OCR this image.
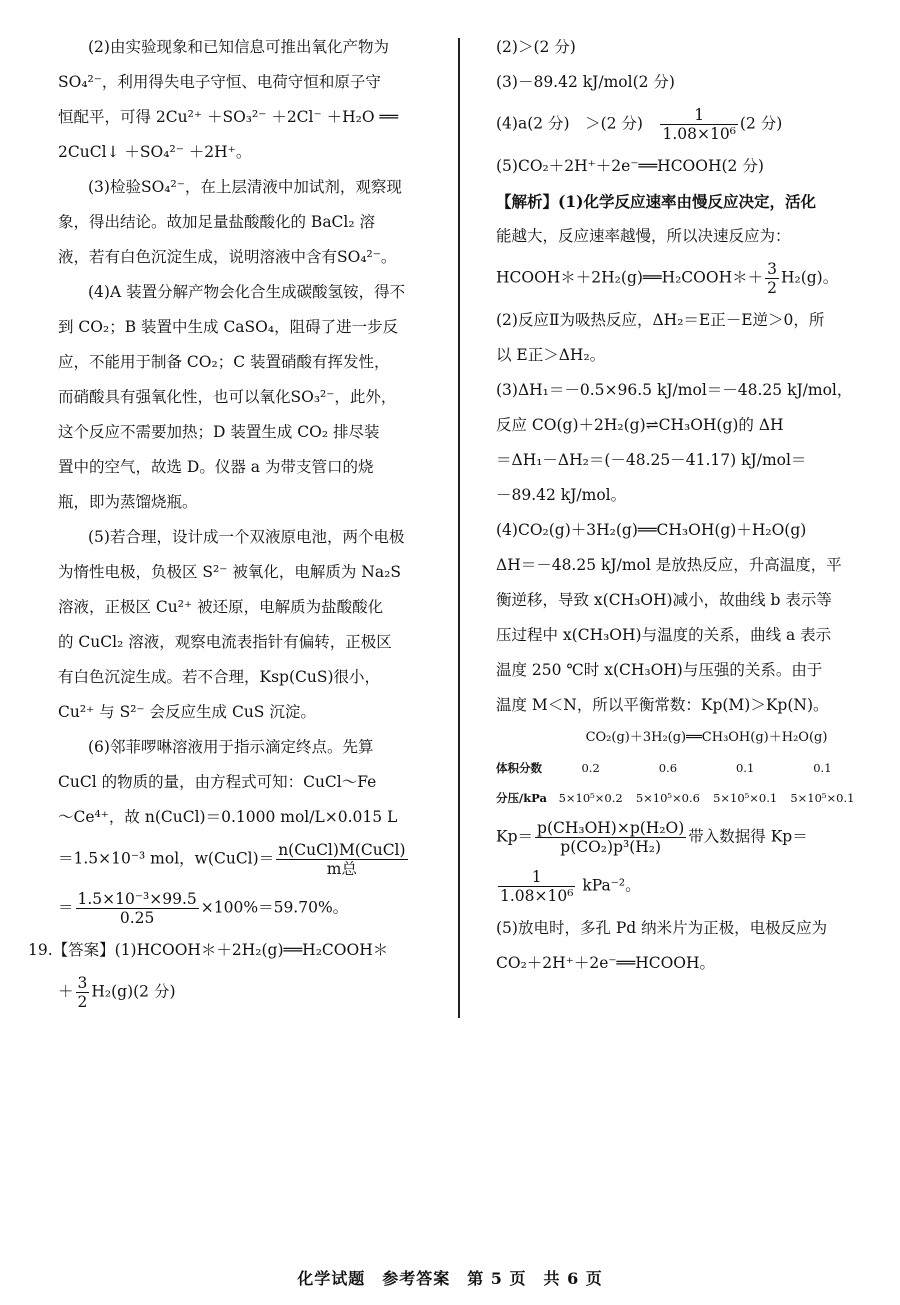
(2)由实验现象和已知信息可推出氧化产物为
SO₄²⁻，利用得失电子守恒、电荷守恒和原子守
恒配平，可得 2Cu²⁺ ＋SO₃²⁻ ＋2Cl⁻ ＋H₂O ══
2CuCl↓ ＋SO₄²⁻ ＋2H⁺。
(3)检验SO₄²⁻，在上层清液中加试剂，观察现
象，得出结论。故加足量盐酸酸化的 BaCl₂ 溶
液，若有白色沉淀生成，说明溶液中含有SO₄²⁻。
(4)A 装置分解产物会化合生成碳酸氢铵，得不
到 CO₂；B 装置中生成 CaSO₄，阻碍了进一步反
应，不能用于制备 CO₂；C 装置硝酸有挥发性，
而硝酸具有强氧化性，也可以氧化SO₃²⁻，此外，
这个反应不需要加热；D 装置生成 CO₂ 排尽装
置中的空气，故选 D。仪器 a 为带支管口的烧
瓶，即为蒸馏烧瓶。
(5)若合理，设计成一个双液原电池，两个电极
为惰性电极，负极区 S²⁻ 被氧化，电解质为 Na₂S
溶液，正极区 Cu²⁺ 被还原，电解质为盐酸酸化
的 CuCl₂ 溶液，观察电流表指针有偏转，正极区
有白色沉淀生成。若不合理，Ksp(CuS)很小，
Cu²⁺ 与 S²⁻ 会反应生成 CuS 沉淀。
(6)邻菲啰啉溶液用于指示滴定终点。先算
CuCl 的物质的量，由方程式可知：CuCl～Fe
～Ce⁴⁺，故 n(CuCl)＝0.1000 mol/L×0.015 L
＝1.5×10⁻³ mol，w(CuCl)＝ $\frac{\text{n(CuCl)M(CuCl)}}{\text{m总}}$
＝ $\frac{\text{1.5×10⁻³×99.5}}{0.25} \times 100\%=59.70\%$。
19.【答案】(1)HCOOH＊＋2H₂(g)══H₂COOH＊
＋ $\frac{3}{2} H_2(g)(2$ 分)
(2)＞(2 分)
(3)－89.42 kJ/mol(2 分)
(4)a(2 分)　＞(2 分)　 $\frac{1}{\text{1.08×10⁶}} (2$ 分)
(5)CO₂＋2H⁺＋2e⁻══HCOOH(2 分)
【解析】(1)化学反应速率由慢反应决定，活化
能越大，反应速率越慢，所以决速反应为：
HCOOH＊＋2H₂(g)══H₂COOH＊＋ $\frac{3}{2} H_2(g)$。
(2)反应Ⅱ为吸热反应，ΔH₂＝E正－E逆＞0，所
以 E正＞ΔH₂。
(3)ΔH₁＝－0.5×96.5 kJ/mol＝－48.25 kJ/mol，
反应 CO(g)＋2H₂(g)⇌CH₃OH(g)的 ΔH
＝ΔH₁－ΔH₂＝(－48.25－41.17) kJ/mol＝
－89.42 kJ/mol。
(4)CO₂(g)＋3H₂(g)══CH₃OH(g)＋H₂O(g)
ΔH＝－48.25 kJ/mol 是放热反应，升高温度，平
衡逆移，导致 x(CH₃OH)减小，故曲线 b 表示等
压过程中 x(CH₃OH)与温度的关系，曲线 a 表示
温度 250 ℃时 x(CH₃OH)与压强的关系。由于
温度 M＜N，所以平衡常数：Kp(M)＞Kp(N)。
CO₂(g)＋3H₂(g)══CH₃OH(g)＋H₂O(g)
体积分数	0.2	0.6	0.1	0.1
分压/kPa	5×10⁵×0.2	5×10⁵×0.6	5×10⁵×0.1	5×10⁵×0.1
$Kp= \frac{\text{p(CH₃OH)×p(H₂O)}}{\text{p(CO₂)p³(H₂)}}$ 带入数据得 Kp＝
$\frac{1}{\text{1.08×10⁶}} kPa^{-2}$。
(5)放电时，多孔 Pd 纳米片为正极，电极反应为
CO₂＋2H⁺＋2e⁻══HCOOH。
化学试题　参考答案　第 5 页　共 6 页
